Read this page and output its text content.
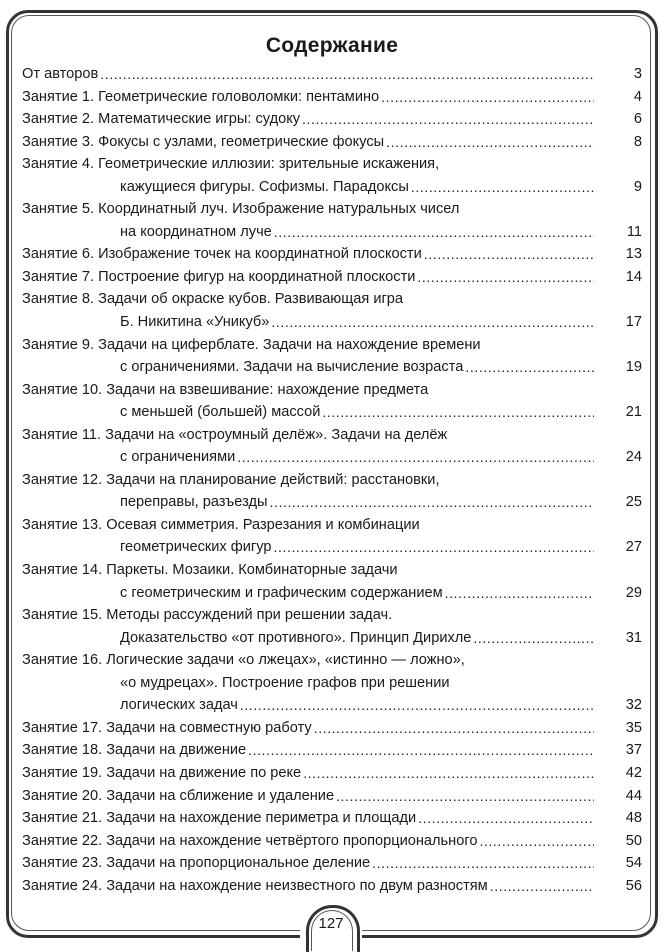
Содержание
От авторов .....	3
Занятие 1. Геометрические головоломки: пентамино .....	4
Занятие 2. Математические игры: судоку .....	6
Занятие 3. Фокусы с узлами, геометрические фокусы .....	8
Занятие 4. Геометрические иллюзии: зрительные искажения,
кажущиеся фигуры. Софизмы. Парадоксы .....	9
Занятие 5. Координатный луч. Изображение натуральных чисел
на координатном луче .....	11
Занятие 6. Изображение точек на координатной плоскости .....	13
Занятие 7. Построение фигур на координатной плоскости .....	14
Занятие 8. Задачи об окраске кубов. Развивающая игра
Б. Никитина «Уникуб» .....	17
Занятие 9. Задачи на циферблате. Задачи на нахождение времени
с ограничениями. Задачи на вычисление возраста .....	19
Занятие 10. Задачи на взвешивание: нахождение предмета
с меньшей (большей) массой .....	21
Занятие 11. Задачи на «остроумный делёж». Задачи на делёж
с ограничениями .....	24
Занятие 12. Задачи на планирование действий: расстановки,
переправы, разъезды .....	25
Занятие 13. Осевая симметрия. Разрезания и комбинации
геометрических фигур .....	27
Занятие 14. Паркеты. Мозаики. Комбинаторные задачи
с геометрическим и графическим содержанием .....	29
Занятие 15. Методы рассуждений при решении задач.
Доказательство «от противного». Принцип Дирихле .....	31
Занятие 16. Логические задачи «о лжецах», «истинно — ложно»,
«о мудрецах». Построение графов при решении
логических задач .....	32
Занятие 17. Задачи на совместную работу .....	35
Занятие 18. Задачи на движение .....	37
Занятие 19. Задачи на движение по реке .....	42
Занятие 20. Задачи на сближение и удаление .....	44
Занятие 21. Задачи на нахождение периметра и площади .....	48
Занятие 22. Задачи на нахождение четвёртого пропорционального .....	50
Занятие 23. Задачи на пропорциональное деление .....	54
Занятие 24. Задачи на нахождение неизвестного по двум разностям .....	56
127
